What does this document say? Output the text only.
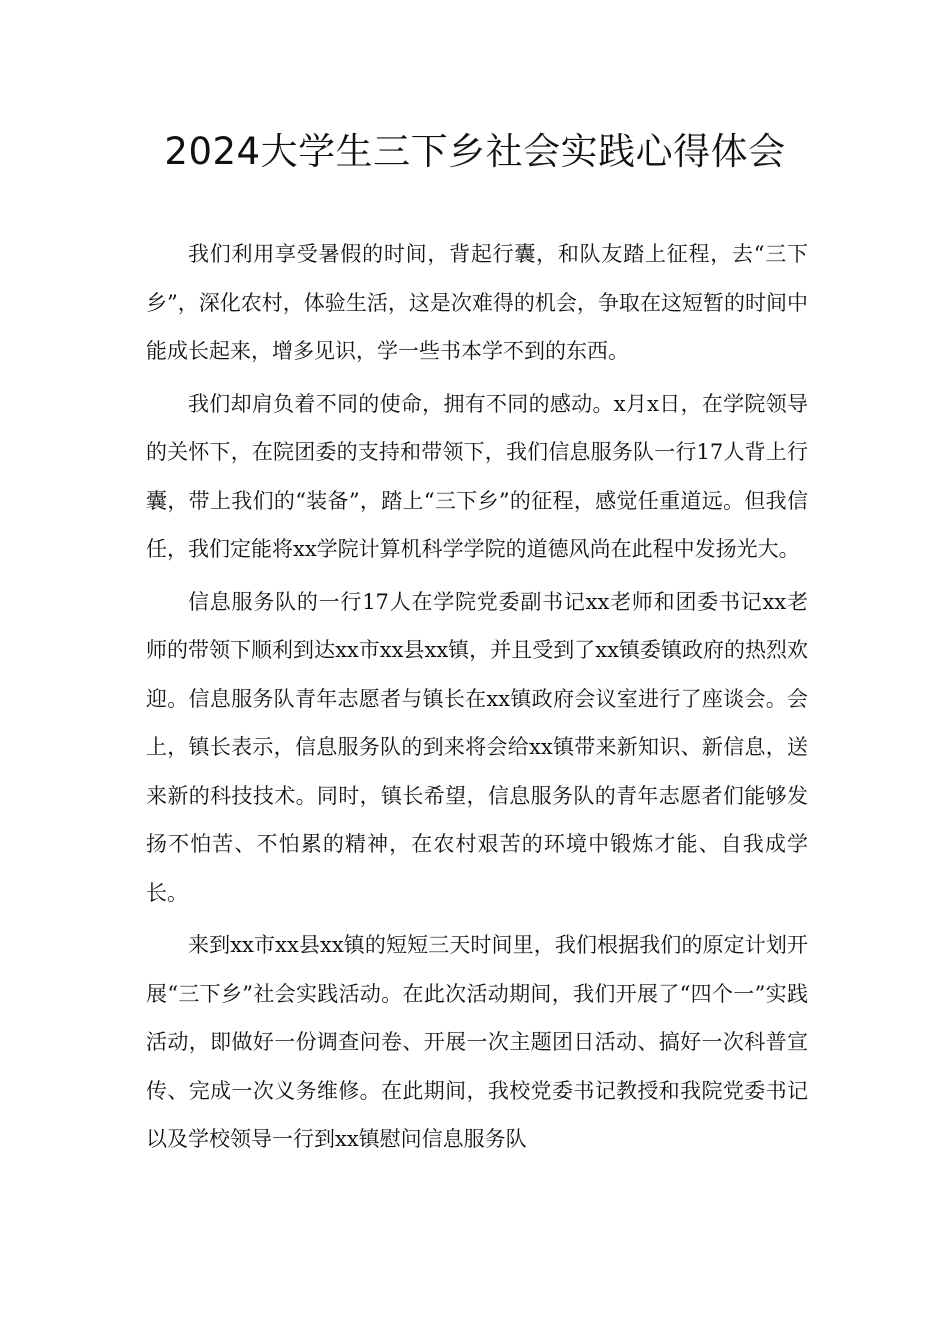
2024大学生三下乡社会实践心得体会

我们利用享受暑假的时间，背起行囊，和队友踏上征程，去“三下乡”，深化农村，体验生活，这是次难得的机会，争取在这短暂的时间中能成长起来，增多见识，学一些书本学不到的东西。

我们却肩负着不同的使命，拥有不同的感动。x月x日，在学院领导的关怀下，在院团委的支持和带领下，我们信息服务队一行17人背上行囊，带上我们的“装备”，踏上“三下乡”的征程，感觉任重道远。但我信任，我们定能将xx学院计算机科学学院的道德风尚在此程中发扬光大。

信息服务队的一行17人在学院党委副书记xx老师和团委书记xx老师的带领下顺利到达xx市xx县xx镇，并且受到了xx镇委镇政府的热烈欢迎。信息服务队青年志愿者与镇长在xx镇政府会议室进行了座谈会。会上，镇长表示，信息服务队的到来将会给xx镇带来新知识、新信息，送来新的科技技术。同时，镇长希望，信息服务队的青年志愿者们能够发扬不怕苦、不怕累的精神，在农村艰苦的环境中锻炼才能、自我成学长。

来到xx市xx县xx镇的短短三天时间里，我们根据我们的原定计划开展“三下乡”社会实践活动。在此次活动期间，我们开展了“四个一”实践活动，即做好一份调查问卷、开展一次主题团日活动、搞好一次科普宣传、完成一次义务维修。在此期间，我校党委书记教授和我院党委书记以及学校领导一行到xx镇慰问信息服务队
